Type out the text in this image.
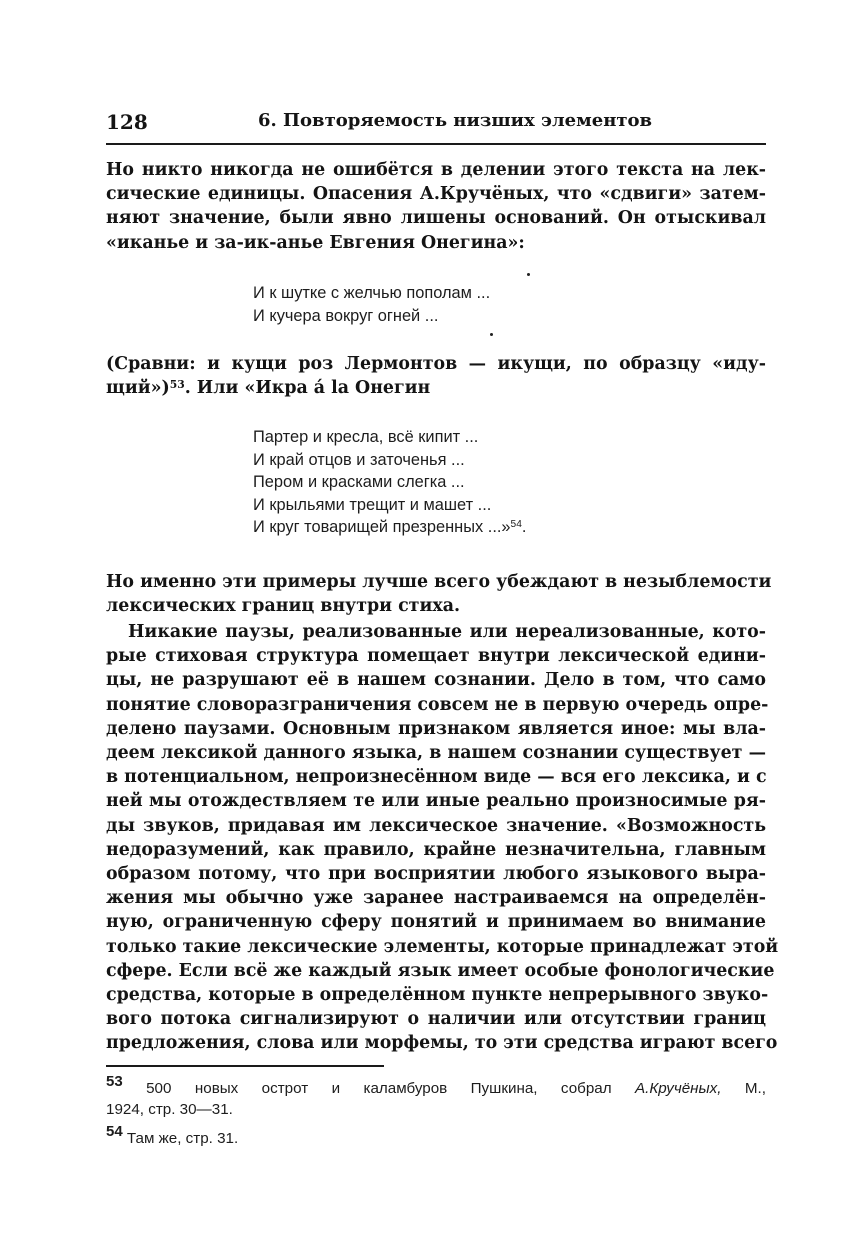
128	6. Повторяемость низших элементов
Но никто никогда не ошибётся в делении этого текста на лек-
сические единицы. Опасения А.Кручёных, что «сдвиги» затем-
няют значение, были явно лишены оснований. Он отыскивал
«иканье и за-ик-анье Евгения Онегина»:
И к шутке с желчью пополам ...
И кучера вокруг огней ...
(Сравни: и кущи роз Лермонтов — икущи, по образцу «иду-
щий»)$^{53}$. Или «Икра á la Онегин
Партер и кресла, всё кипит ...
И край отцов и заточенья ...
Пером и красками слегка ...
И крыльями трещит и машет ...
И круг товарищей презренных ...»$^{54}$.
Но именно эти примеры лучше всего убеждают в незыблемости
лексических границ внутри стиха.
Никакие паузы, реализованные или нереализованные, кото-
рые стиховая структура помещает внутри лексической едини-
цы, не разрушают её в нашем сознании. Дело в том, что само
понятие словоразграничения совсем не в первую очередь опре-
делено паузами. Основным признаком является иное: мы вла-
деем лексикой данного языка, в нашем сознании существует —
в потенциальном, непроизнесённом виде — вся его лексика, и с
ней мы отождествляем те или иные реально произносимые ря-
ды звуков, придавая им лексическое значение. «Возможность
недоразумений, как правило, крайне незначительна, главным
образом потому, что при восприятии любого языкового выра-
жения мы обычно уже заранее настраиваемся на определён-
ную, ограниченную сферу понятий и принимаем во внимание
только такие лексические элементы, которые принадлежат этой
сфере. Если всё же каждый язык имеет особые фонологические
средства, которые в определённом пункте непрерывного звуко-
вого потока сигнализируют о наличии или отсутствии границ
предложения, слова или морфемы, то эти средства играют всего
$^{53}$ 500 новых острот и каламбуров Пушкина, собрал А.Кручёных, М.,
1924, стр. 30—31.
$^{54}$ Там же, стр. 31.
